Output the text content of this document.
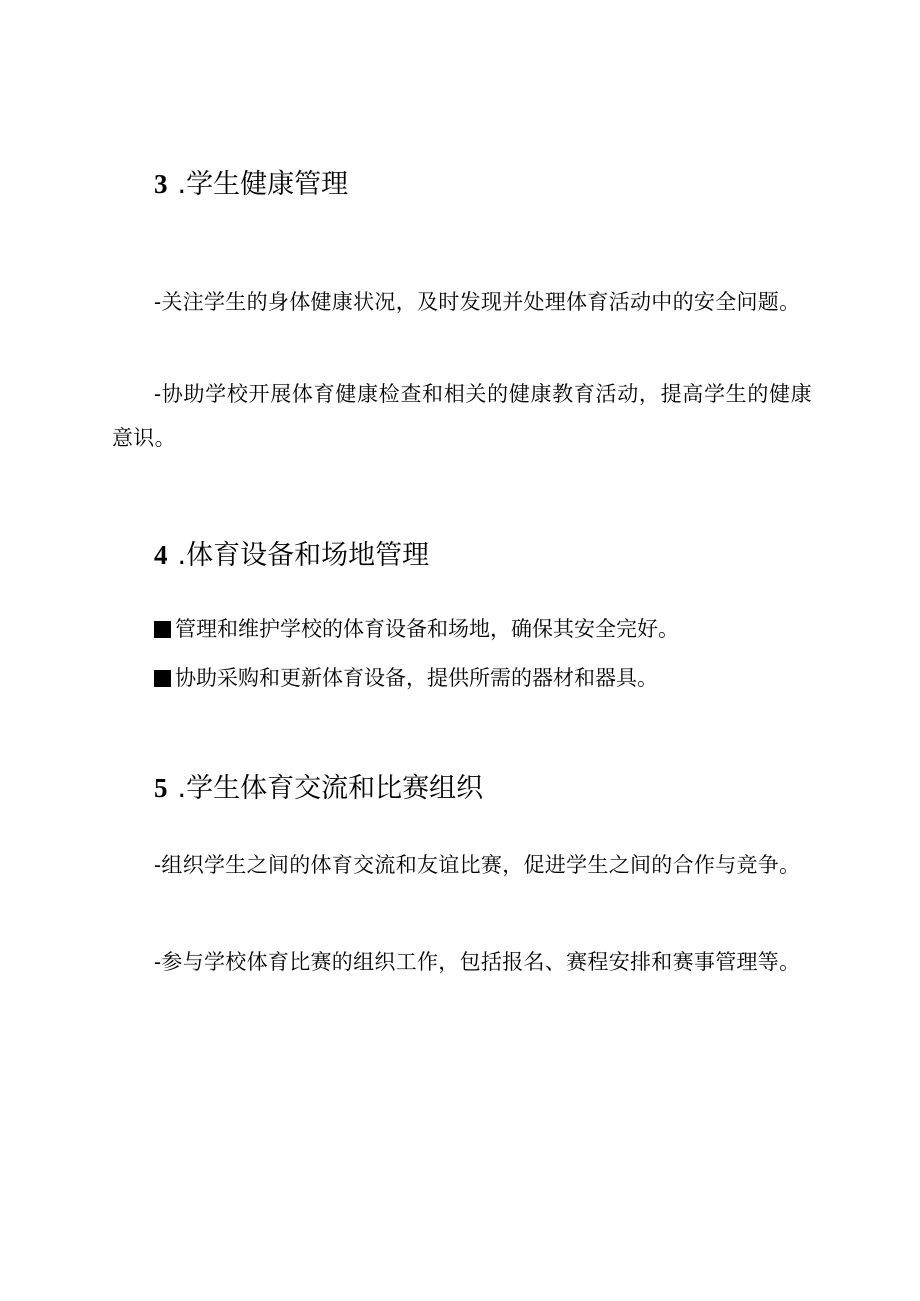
3 .学生健康管理
-关注学生的身体健康状况，及时发现并处理体育活动中的安全问题。
-协助学校开展体育健康检查和相关的健康教育活动，提高学生的健康意识。
4 .体育设备和场地管理
管理和维护学校的体育设备和场地，确保其安全完好。
协助采购和更新体育设备，提供所需的器材和器具。
5 .学生体育交流和比赛组织
-组织学生之间的体育交流和友谊比赛，促进学生之间的合作与竞争。
-参与学校体育比赛的组织工作，包括报名、赛程安排和赛事管理等。
